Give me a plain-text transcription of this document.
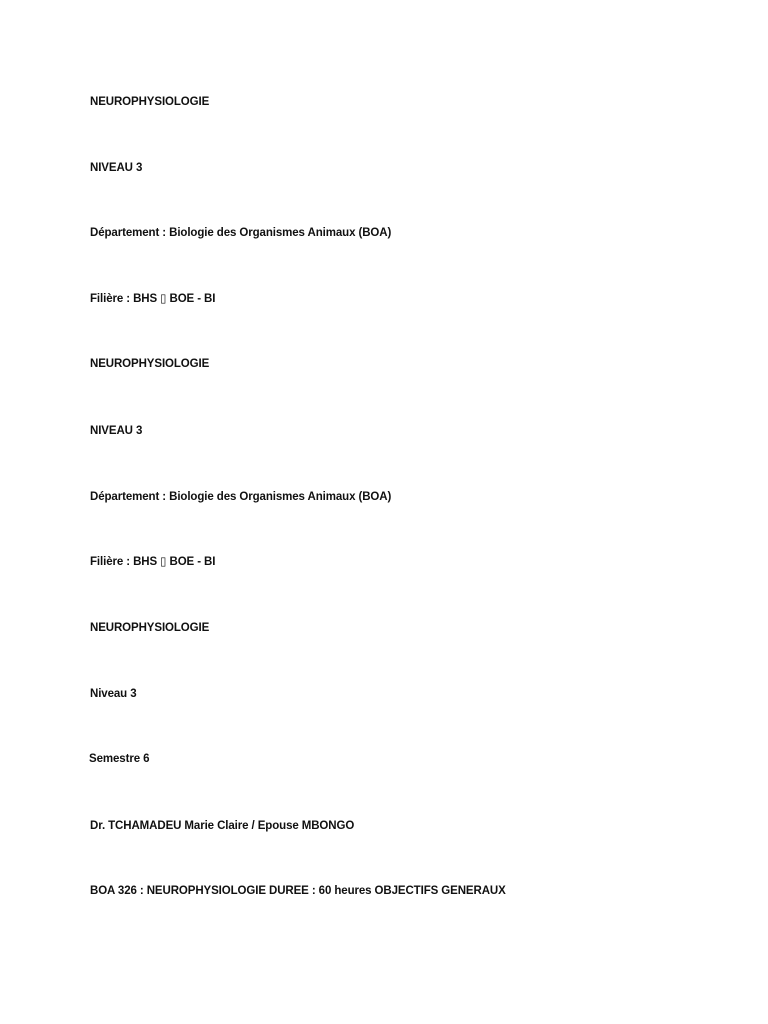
NEUROPHYSIOLOGIE

NIVEAU 3

Département : Biologie des Organismes Animaux (BOA)

Filière : BHS ▯ BOE - BI

NEUROPHYSIOLOGIE

NIVEAU 3

Département : Biologie des Organismes Animaux (BOA)

Filière : BHS ▯ BOE - BI

NEUROPHYSIOLOGIE

Niveau 3

Semestre 6

Dr. TCHAMADEU Marie Claire / Epouse MBONGO

BOA 326 : NEUROPHYSIOLOGIE DUREE : 60 heures OBJECTIFS GENERAUX
